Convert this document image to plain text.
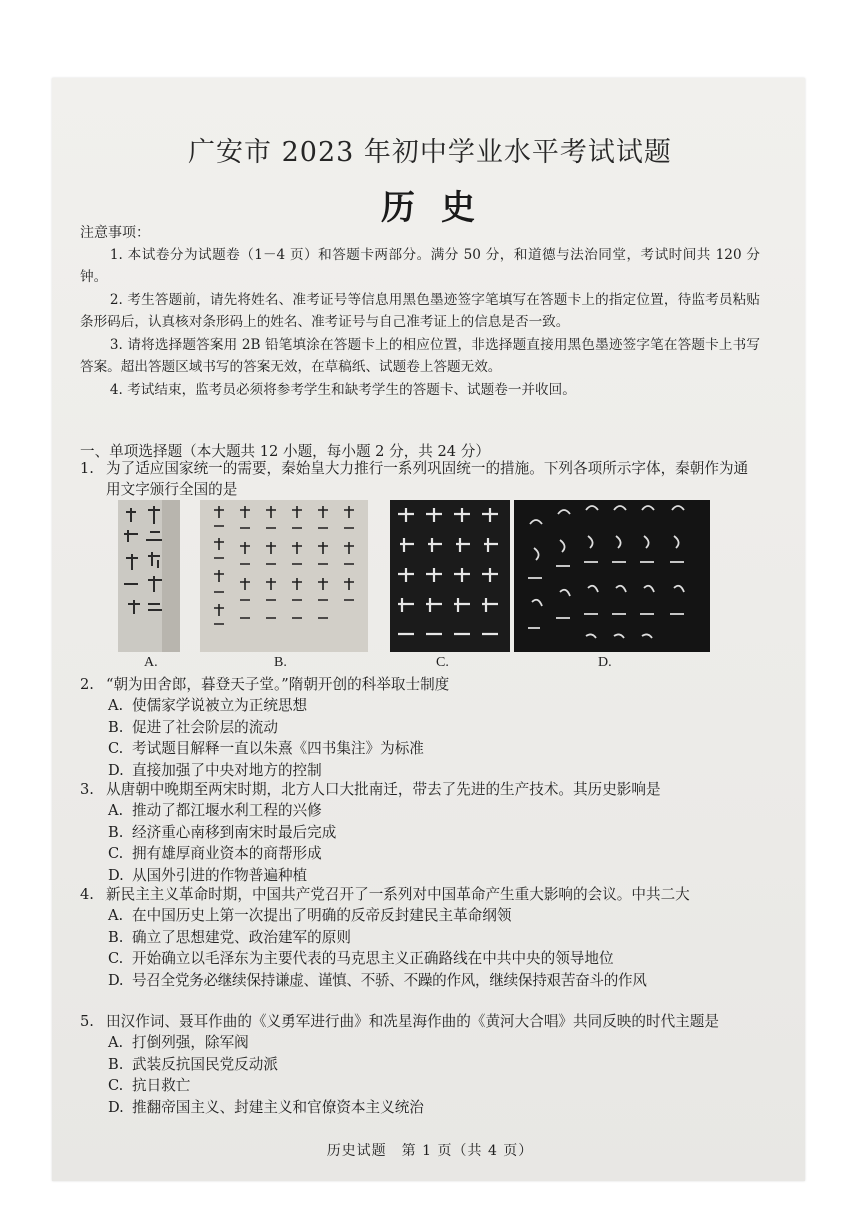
广安市 2023 年初中学业水平考试试题
历史
注意事项：

1. 本试卷分为试题卷（1－4 页）和答题卡两部分。满分 50 分，和道德与法治同堂，考试时间共 120 分钟。

2. 考生答题前，请先将姓名、准考证号等信息用黑色墨迹签字笔填写在答题卡上的指定位置，待监考员粘贴条形码后，认真核对条形码上的姓名、准考证号与自己准考证上的信息是否一致。

3. 请将选择题答案用 2B 铅笔填涂在答题卡上的相应位置，非选择题直接用黑色墨迹签字笔在答题卡上书写答案。超出答题区域书写的答案无效，在草稿纸、试题卷上答题无效。

4. 考试结束，监考员必须将参考学生和缺考学生的答题卡、试题卷一并收回。

一、单项选择题（本大题共 12 小题，每小题 2 分，共 24 分）
1. 为了适应国家统一的需要，秦始皇大力推行一系列巩固统一的措施。下列各项所示字体，秦朝作为通用文字颁行全国的是
A.	B.	C.	D.
2. “朝为田舍郎，暮登天子堂。”隋朝开创的科举取士制度
A. 使儒家学说被立为正统思想
B. 促进了社会阶层的流动
C. 考试题目解释一直以朱熹《四书集注》为标准
D. 直接加强了中央对地方的控制
3. 从唐朝中晚期至两宋时期，北方人口大批南迁，带去了先进的生产技术。其历史影响是
A. 推动了都江堰水利工程的兴修
B. 经济重心南移到南宋时最后完成
C. 拥有雄厚商业资本的商帮形成
D. 从国外引进的作物普遍种植
4. 新民主主义革命时期，中国共产党召开了一系列对中国革命产生重大影响的会议。中共二大
A. 在中国历史上第一次提出了明确的反帝反封建民主革命纲领
B. 确立了思想建党、政治建军的原则
C. 开始确立以毛泽东为主要代表的马克思主义正确路线在中共中央的领导地位
D. 号召全党务必继续保持谦虚、谨慎、不骄、不躁的作风，继续保持艰苦奋斗的作风
5. 田汉作词、聂耳作曲的《义勇军进行曲》和冼星海作曲的《黄河大合唱》共同反映的时代主题是
A. 打倒列强，除军阀
B. 武装反抗国民党反动派
C. 抗日救亡
D. 推翻帝国主义、封建主义和官僚资本主义统治
历史试题　第 1 页（共 4 页）
